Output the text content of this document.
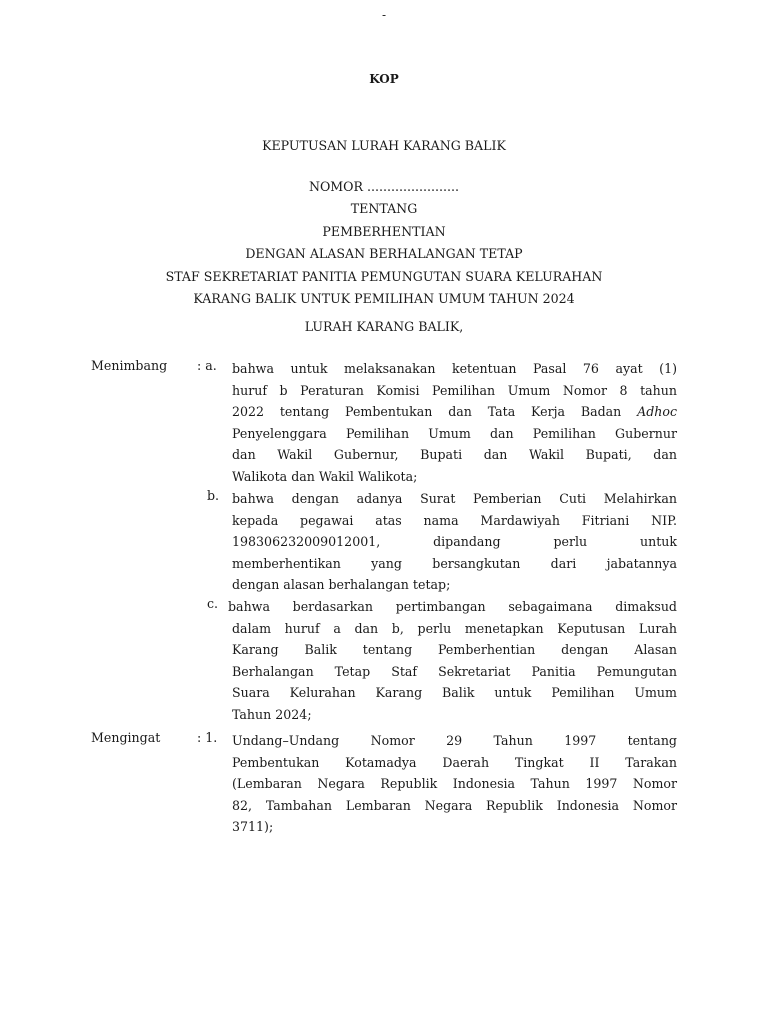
-
KOP
KEPUTUSAN LURAH KARANG BALIK
NOMOR .......................
TENTANG
PEMBERHENTIAN
DENGAN ALASAN BERHALANGAN TETAP
STAF SEKRETARIAT PANITIA PEMUNGUTAN SUARA KELURAHAN
KARANG BALIK UNTUK PEMILIHAN UMUM TAHUN 2024
LURAH KARANG BALIK,
Menimbang : a. bahwa untuk melaksanakan ketentuan Pasal 76 ayat (1)
huruf b Peraturan Komisi Pemilihan Umum Nomor 8 tahun
2022 tentang Pembentukan dan Tata Kerja Badan Adhoc
Penyelenggara Pemilihan Umum dan Pemilihan Gubernur
dan Wakil Gubernur, Bupati dan Wakil Bupati, dan
Walikota dan Wakil Walikota;
b. bahwa dengan adanya Surat Pemberian Cuti Melahirkan
kepada pegawai atas nama Mardawiyah Fitriani NIP.
198306232009012001, dipandang perlu untuk
memberhentikan yang bersangkutan dari jabatannya
dengan alasan berhalangan tetap;
c. bahwa berdasarkan pertimbangan sebagaimana dimaksud
dalam huruf a dan b, perlu menetapkan Keputusan Lurah
Karang Balik tentang Pemberhentian dengan Alasan
Berhalangan Tetap Staf Sekretariat Panitia Pemungutan
Suara Kelurahan Karang Balik untuk Pemilihan Umum
Tahun 2024;
Mengingat	: 1. Undang–Undang Nomor 29 Tahun 1997 tentang
Pembentukan Kotamadya Daerah Tingkat II Tarakan
(Lembaran Negara Republik Indonesia Tahun 1997 Nomor
82, Tambahan Lembaran Negara Republik Indonesia Nomor
3711);
